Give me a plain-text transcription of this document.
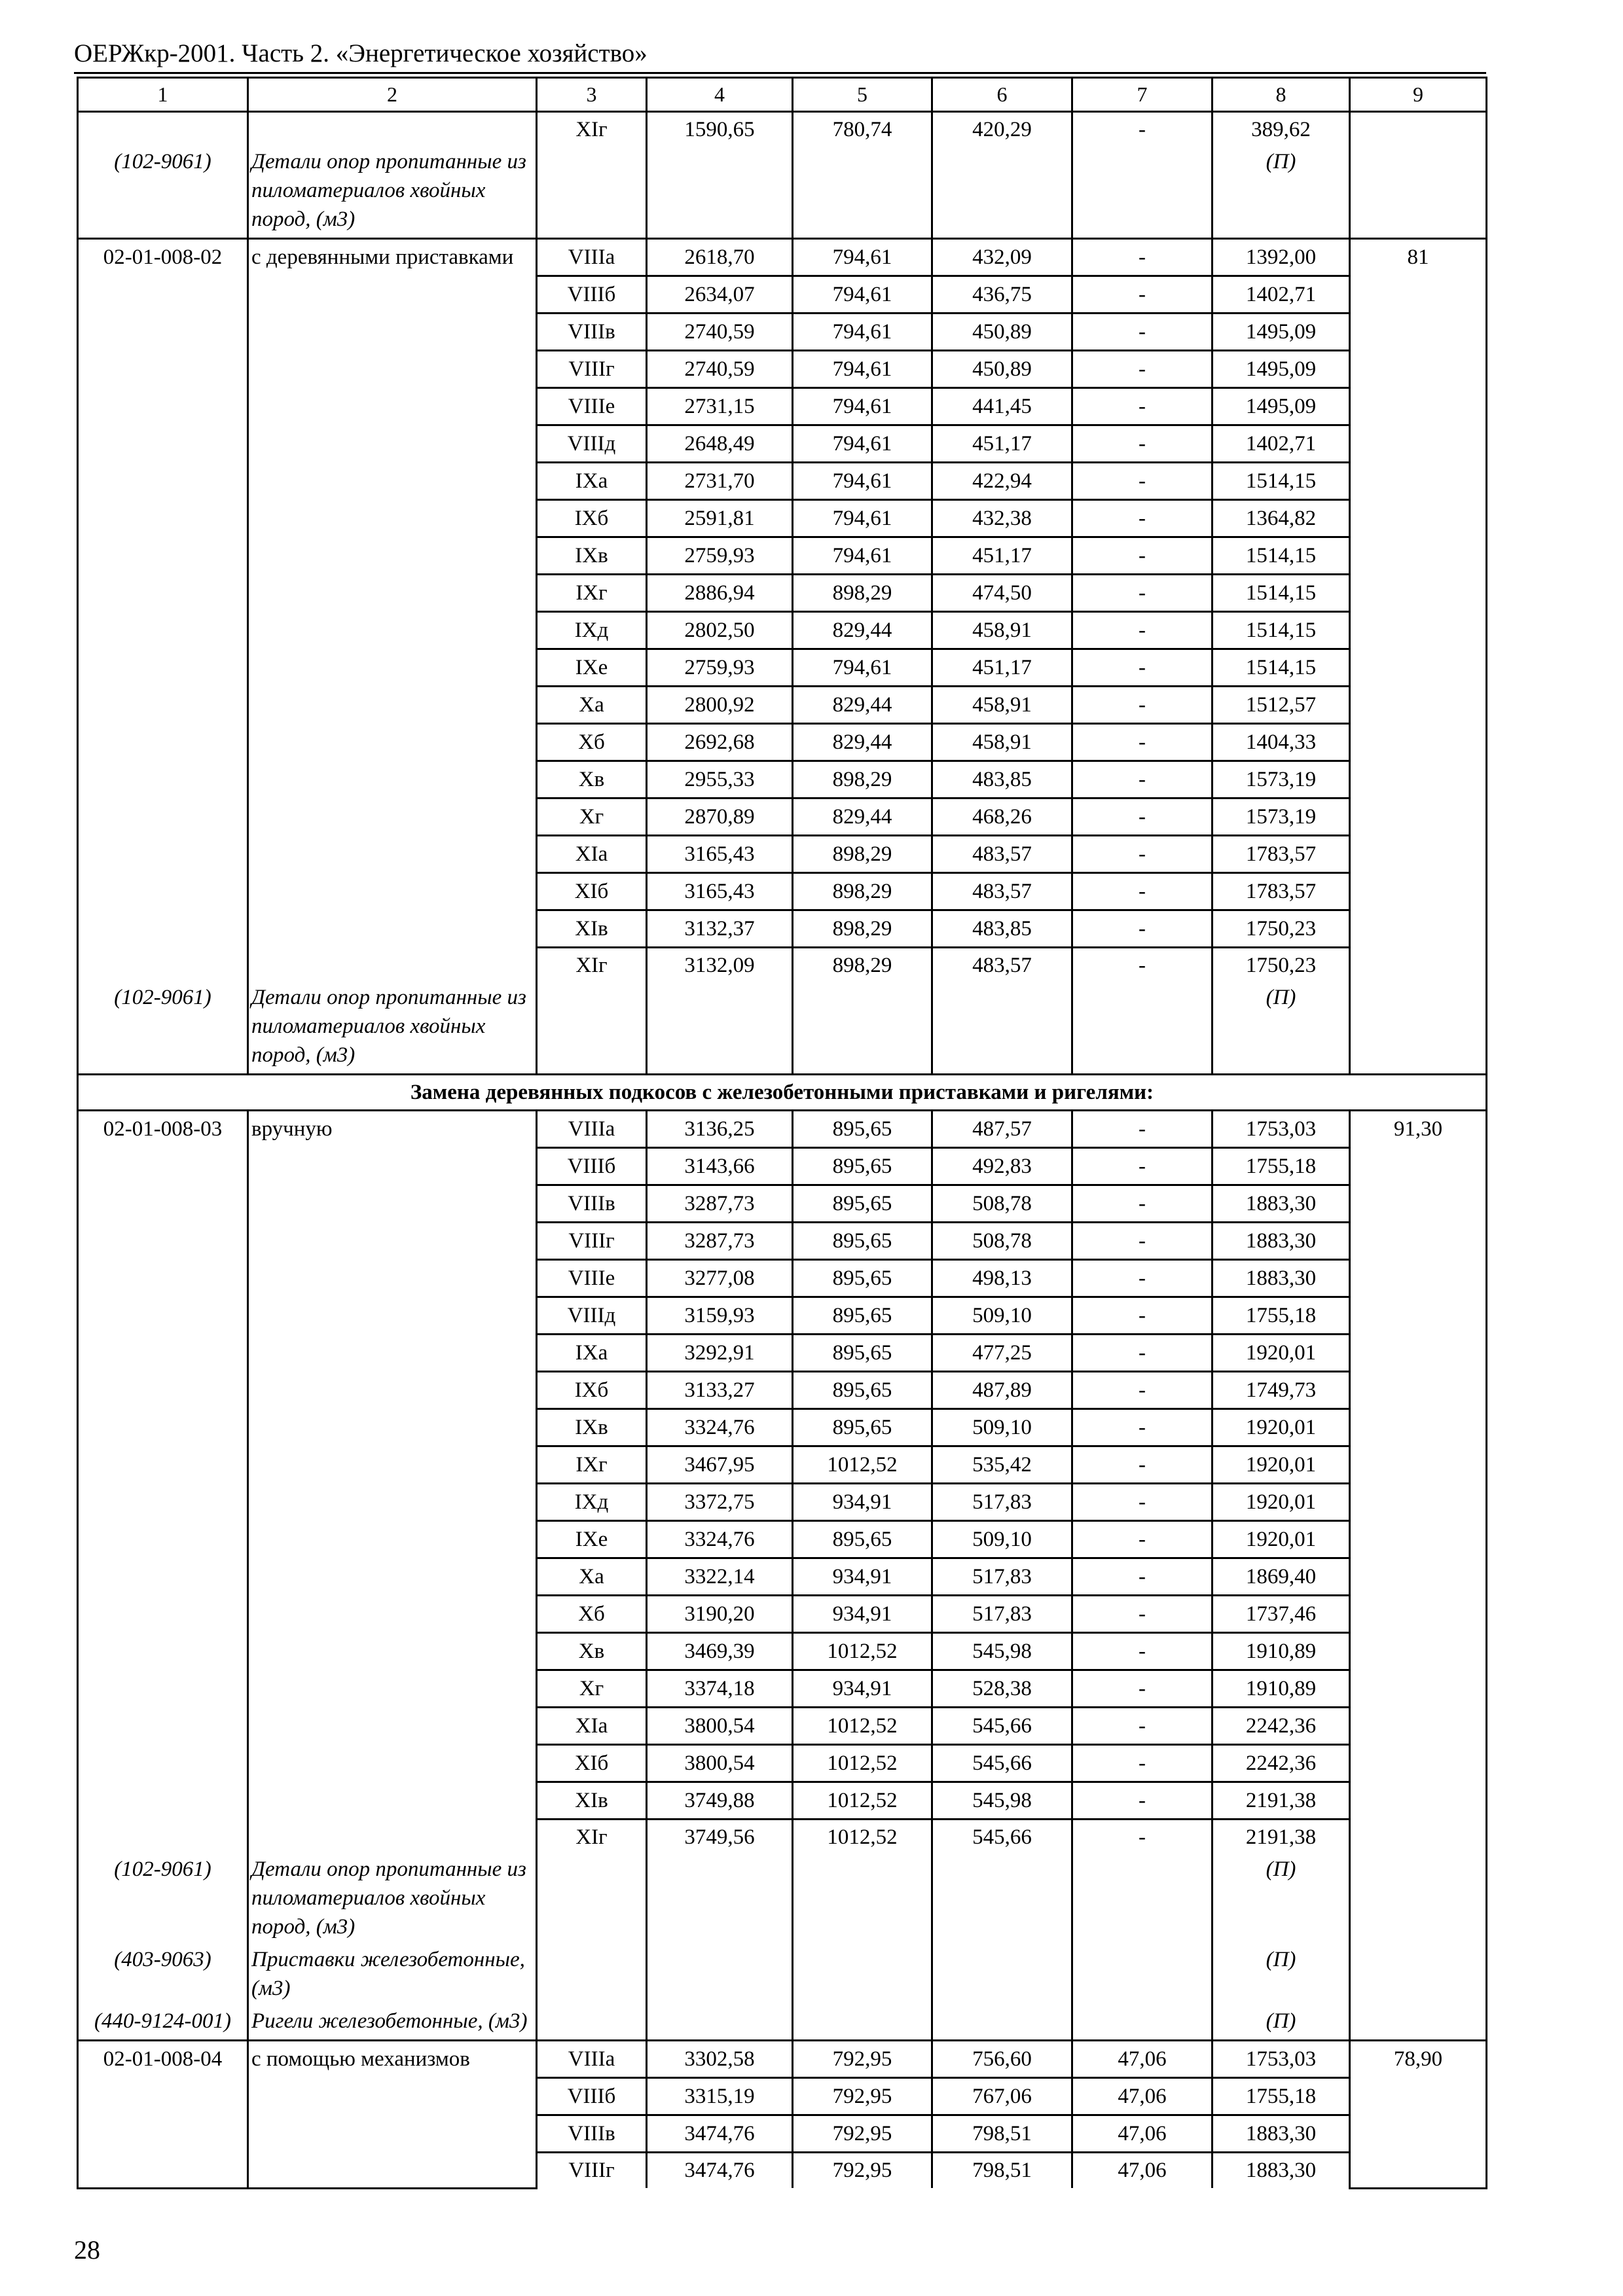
ОЕРЖкр-2001. Часть 2. «Энергетическое хозяйство»
1	2	3	4	5	6	7	8	9
		XIг	1590,65	780,74	420,29	-	389,62	
(102-9061)	Детали опор пропитанные из пиломатериалов хвойных пород, (м3)						(П)	
02-01-008-02	с деревянными приставками	VIIIа	2618,70	794,61	432,09	-	1392,00	81
		VIIIб	2634,07	794,61	436,75	-	1402,71	
		VIIIв	2740,59	794,61	450,89	-	1495,09	
		VIIIг	2740,59	794,61	450,89	-	1495,09	
		VIIIе	2731,15	794,61	441,45	-	1495,09	
		VIIIд	2648,49	794,61	451,17	-	1402,71	
		IXа	2731,70	794,61	422,94	-	1514,15	
		IXб	2591,81	794,61	432,38	-	1364,82	
		IXв	2759,93	794,61	451,17	-	1514,15	
		IXг	2886,94	898,29	474,50	-	1514,15	
		IXд	2802,50	829,44	458,91	-	1514,15	
		IXе	2759,93	794,61	451,17	-	1514,15	
		Xа	2800,92	829,44	458,91	-	1512,57	
		Xб	2692,68	829,44	458,91	-	1404,33	
		Xв	2955,33	898,29	483,85	-	1573,19	
		Xг	2870,89	829,44	468,26	-	1573,19	
		XIа	3165,43	898,29	483,57	-	1783,57	
		XIб	3165,43	898,29	483,57	-	1783,57	
		XIв	3132,37	898,29	483,85	-	1750,23	
		XIг	3132,09	898,29	483,57	-	1750,23	
(102-9061)	Детали опор пропитанные из пиломатериалов хвойных пород, (м3)						(П)	
Замена деревянных подкосов с железобетонными приставками и ригелями:								
02-01-008-03	вручную	VIIIа	3136,25	895,65	487,57	-	1753,03	91,30
		VIIIб	3143,66	895,65	492,83	-	1755,18	
		VIIIв	3287,73	895,65	508,78	-	1883,30	
		VIIIг	3287,73	895,65	508,78	-	1883,30	
		VIIIе	3277,08	895,65	498,13	-	1883,30	
		VIIIд	3159,93	895,65	509,10	-	1755,18	
		IXа	3292,91	895,65	477,25	-	1920,01	
		IXб	3133,27	895,65	487,89	-	1749,73	
		IXв	3324,76	895,65	509,10	-	1920,01	
		IXг	3467,95	1012,52	535,42	-	1920,01	
		IXд	3372,75	934,91	517,83	-	1920,01	
		IXе	3324,76	895,65	509,10	-	1920,01	
		Xа	3322,14	934,91	517,83	-	1869,40	
		Xб	3190,20	934,91	517,83	-	1737,46	
		Xв	3469,39	1012,52	545,98	-	1910,89	
		Xг	3374,18	934,91	528,38	-	1910,89	
		XIа	3800,54	1012,52	545,66	-	2242,36	
		XIб	3800,54	1012,52	545,66	-	2242,36	
		XIв	3749,88	1012,52	545,98	-	2191,38	
		XIг	3749,56	1012,52	545,66	-	2191,38	
(102-9061)	Детали опор пропитанные из пиломатериалов хвойных пород, (м3)						(П)	
(403-9063)	Приставки железобетонные, (м3)						(П)	
(440-9124-001)	Ригели железобетонные, (м3)						(П)	
02-01-008-04	с помощью механизмов	VIIIа	3302,58	792,95	756,60	47,06	1753,03	78,90
		VIIIб	3315,19	792,95	767,06	47,06	1755,18	
		VIIIв	3474,76	792,95	798,51	47,06	1883,30	
		VIIIг	3474,76	792,95	798,51	47,06	1883,30	
28
